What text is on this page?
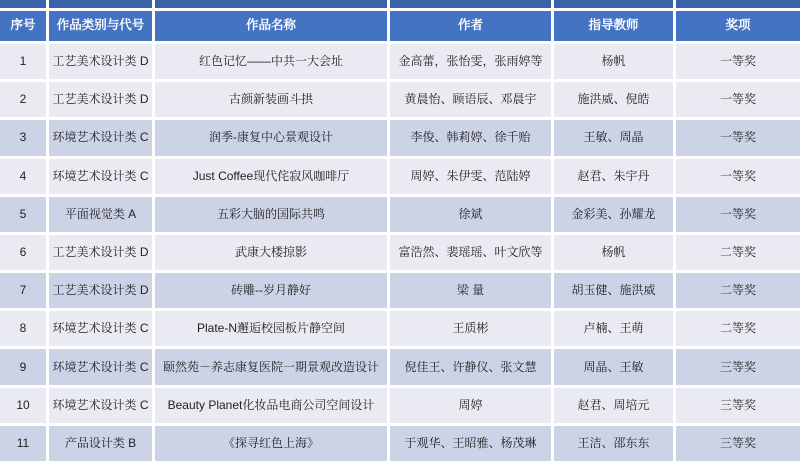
序号	作品类别与代号	作品名称	作者	指导教师	奖项
1	工艺美术设计类 D	红色记忆——中共一大会址	金高蕾，张怡雯，张雨婷等	杨帆	一等奖
2	工艺美术设计类 D	古颜新装画斗拱	黄晨怡、顾语辰、邓晨宇	施洪威、倪皓	一等奖
3	环境艺术设计类 C	润季-康复中心景观设计	李俊、韩莉婷、徐千贻	王敏、周晶	一等奖
4	环境艺术设计类 C	Just Coffee现代侘寂风咖啡厅	周婷、朱伊雯、范陆婷	赵君、朱宇丹	一等奖
5	平面视觉类 A	五彩大脑的国际共鸣	徐斌	金彩美、孙耀龙	一等奖
6	工艺美术设计类 D	武康大楼掠影	富浩然、裴瑶瑶、叶文欣等	杨帆	二等奖
7	工艺美术设计类 D	砖雕--岁月静好	梁 量	胡玉健、施洪威	二等奖
8	环境艺术设计类 C	Plate-N邂逅校园板片静空间	王质彬	卢楠、王萌	二等奖
9	环境艺术设计类 C	颐然苑－养志康复医院一期景观改造设计	倪佳王、许静仪、张文慧	周晶、王敏	三等奖
10	环境艺术设计类 C	Beauty Planet化妆品电商公司空间设计	周婷	赵君、周培元	三等奖
11	产品设计类 B	《探寻红色上海》	于观华、王昭雅、杨茂琳	王洁、邵东东	三等奖
